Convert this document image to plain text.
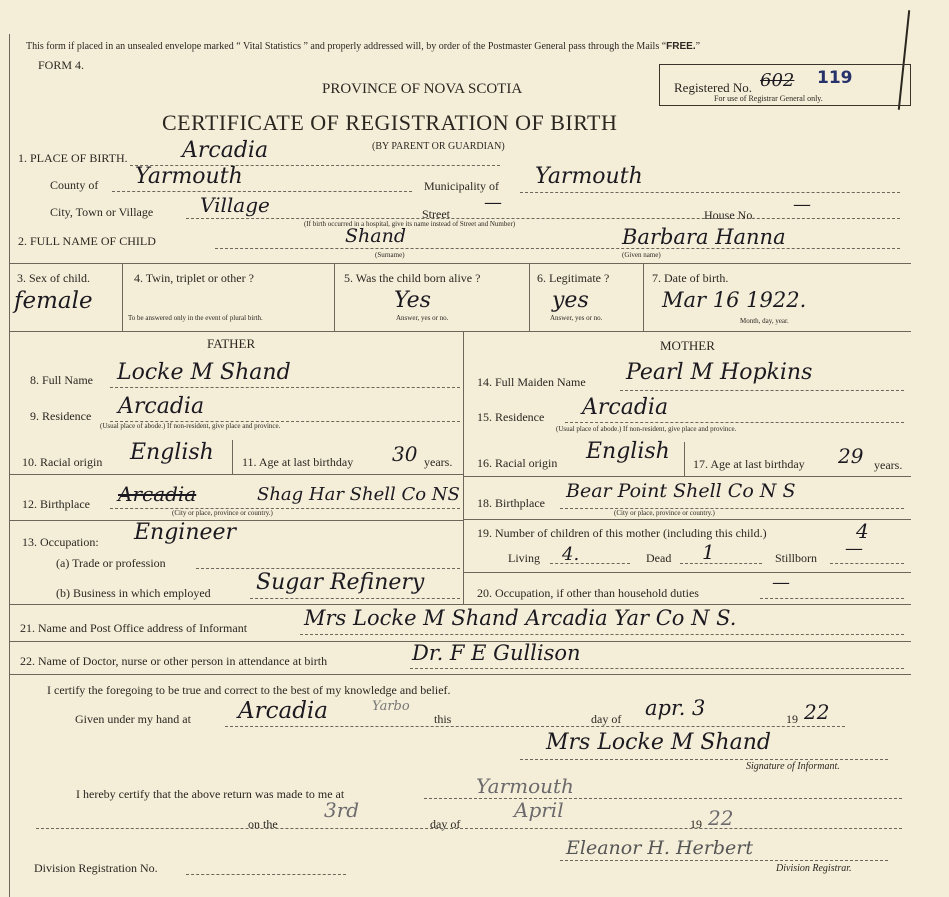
This form if placed in an unsealed envelope marked “ Vital Statistics ” and properly addressed will, by order of the Postmaster General pass through the Mails “FREE.”
FORM 4.
PROVINCE OF NOVA SCOTIA
CERTIFICATE OF REGISTRATION OF BIRTH
(BY PARENT OR GUARDIAN)
Registered No. 602 119
For use of Registrar General only.
1. PLACE OF BIRTH. Arcadia
County of Yarmouth	Municipality of Yarmouth
City, Town or Village Village	Street
—
House No. —
(If birth occurred in a hospital, give its name instead of Street and Number)
2. FULL NAME OF CHILD	Shand	Barbara Hanna
(Surname)	(Given name)
3. Sex of child.
female
4. Twin, triplet or other ?
To be answered only in the event of plural birth.
5. Was the child born alive ?
Yes
Answer, yes or no.
6. Legitimate ?
yes
Answer, yes or no.
7. Date of birth.
Mar 16 1922.
Month, day, year.
FATHER	MOTHER
8. Full Name Locke M Shand
9. Residence Arcadia
(Usual place of abode.) If non-resident, give place and province.
10. Racial origin English 11. Age at last birthday 30 years.
12. Birthplace Arcadia	Shag Har Shell Co NS
(City or place, province or country.)
13. Occupation: Engineer
(a) Trade or profession
(b) Business in which employed Sugar Refinery
14. Full Maiden Name Pearl M Hopkins
15. Residence Arcadia
(Usual place of abode.) If non-resident, give place and province.
16. Racial origin English 17. Age at last birthday 29 years.
18. Birthplace
Bear Point Shell Co N S
(City or place, province or country.)
19. Number of children of this mother (including this child.)	4
Living 4.	Dead 1	Stillborn —
20. Occupation, if other than household duties	—
21. Name and Post Office address of Informant	Mrs Locke M Shand Arcadia Yar Co N S.
22. Name of Doctor, nurse or other person in attendance at birth	Dr. F E Gullison
I certify the foregoing to be true and correct to the best of my knowledge and belief.
Given under my hand at Arcadia	Yarbo
this	day of apr. 3	19 22
Mrs Locke M Shand
Signature of Informant.
I hereby certify that the above return was made to me at	Yarmouth
on the
3rd
day of
April
19 22
Eleanor H. Herbert
Division Registrar.
Division Registration No.
